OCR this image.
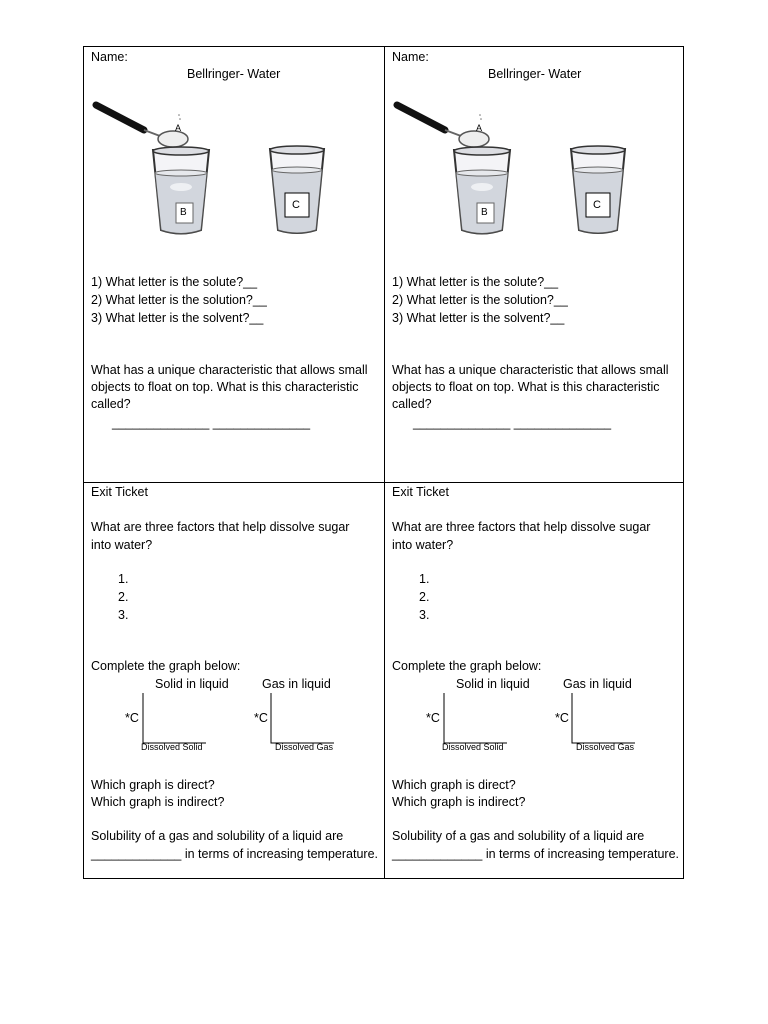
Name:
Bellringer- Water
A
B
C
1) What letter is the solute?__
2) What letter is the solution?__
3) What letter is the solvent?__
What has a unique characteristic that allows small
objects to float on top. What is this characteristic
called?
______________ ______________
Name:
Bellringer- Water
A
B
C
1) What letter is the solute?__
2) What letter is the solution?__
3) What letter is the solvent?__
What has a unique characteristic that allows small
objects to float on top. What is this characteristic
called?
______________ ______________
Exit Ticket
What are three factors that help dissolve sugar
into water?
1.
2.
3.
Complete the graph below:
Solid in liquid	Gas in liquid
*C	*C
Dissolved Solid	Dissolved Gas
Which graph is direct?
Which graph is indirect?
Solubility of a gas and solubility of a liquid are
_____________ in terms of increasing temperature.
Exit Ticket
What are three factors that help dissolve sugar
into water?
1.
2.
3.
Complete the graph below:
Solid in liquid	Gas in liquid
*C	*C
Dissolved Solid	Dissolved Gas
Which graph is direct?
Which graph is indirect?
Solubility of a gas and solubility of a liquid are
_____________ in terms of increasing temperature.
